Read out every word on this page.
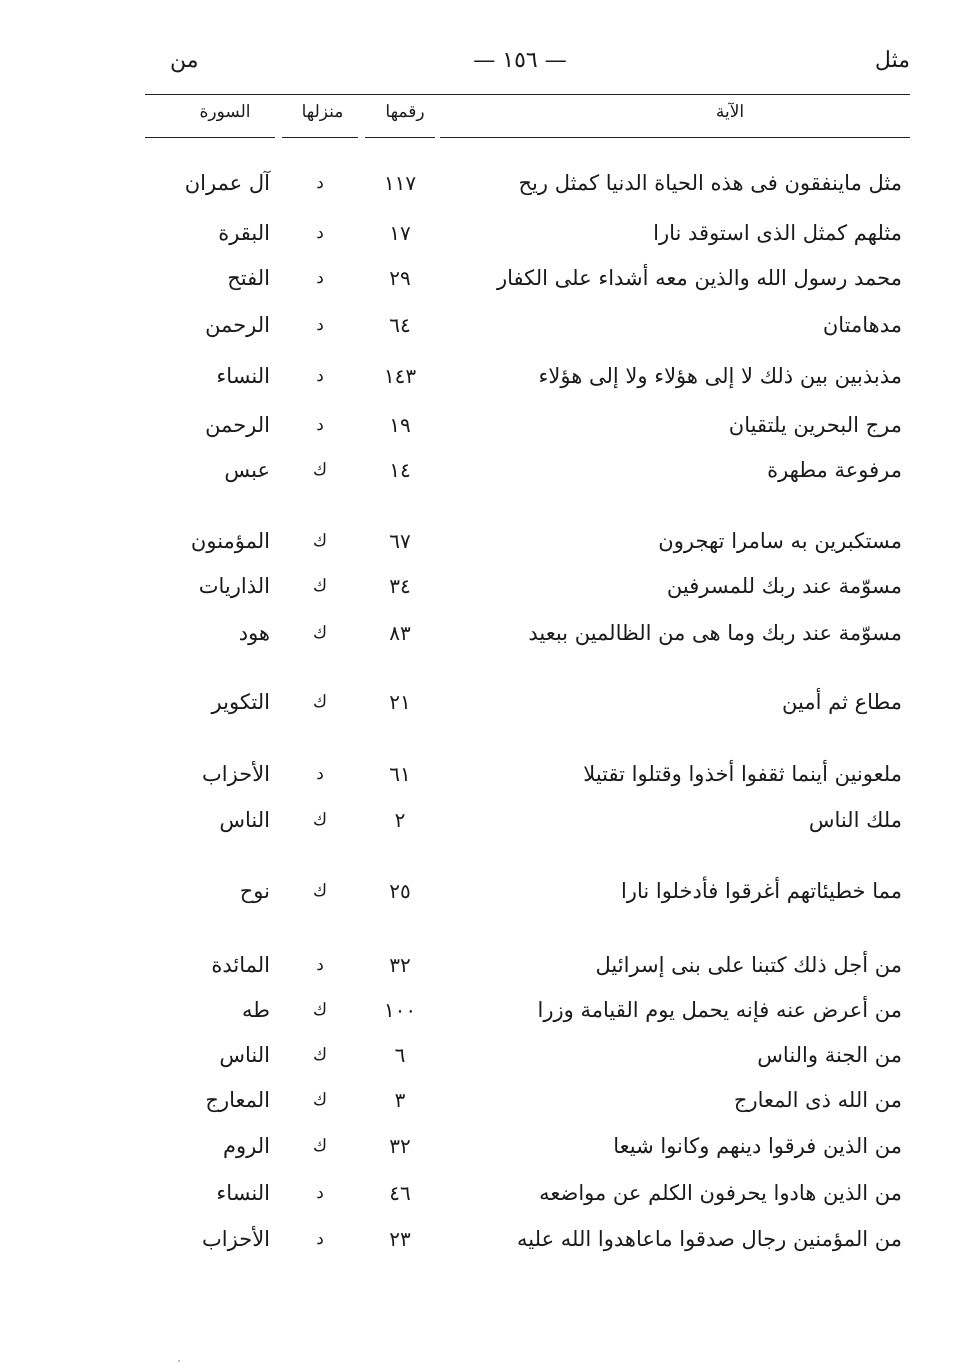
مثل
— ١٥٦ —
من
الآية
رقمها
منزلها
السورة
مثل ماينفقون فى هذه الحياة الدنيا كمثل ريح
١١٧
د
آل عمران
مثلهم كمثل الذى استوقد نارا
١٧
د
البقرة
محمد رسول الله والذين معه أشداء على الكفار
٢٩
د
الفتح
مدهامتان
٦٤
د
الرحمن
مذبذبين بين ذلك لا إلى هؤلاء ولا إلى هؤلاء
١٤٣
د
النساء
مرج البحرين يلتقيان
١٩
د
الرحمن
مرفوعة مطهرة
١٤
ك
عبس
مستكبرين به سامرا تهجرون
٦٧
ك
المؤمنون
مسوّمة عند ربك للمسرفين
٣٤
ك
الذاريات
مسوّمة عند ربك وما هى من الظالمين ببعيد
٨٣
ك
هود
مطاع ثم أمين
٢١
ك
التكوير
ملعونين أينما ثقفوا أخذوا وقتلوا تقتيلا
٦١
د
الأحزاب
ملك الناس
٢
ك
الناس
مما خطيئاتهم أغرقوا فأدخلوا نارا
٢٥
ك
نوح
من أجل ذلك كتبنا على بنى إسرائيل
٣٢
د
المائدة
من أعرض عنه فإنه يحمل يوم القيامة وزرا
١٠٠
ك
طه
من الجنة والناس
٦
ك
الناس
من الله ذى المعارج
٣
ك
المعارج
من الذين فرقوا دينهم وكانوا شيعا
٣٢
ك
الروم
من الذين هادوا يحرفون الكلم عن مواضعه
٤٦
د
النساء
من المؤمنين رجال صدقوا ماعاهدوا الله عليه
٢٣
د
الأحزاب
